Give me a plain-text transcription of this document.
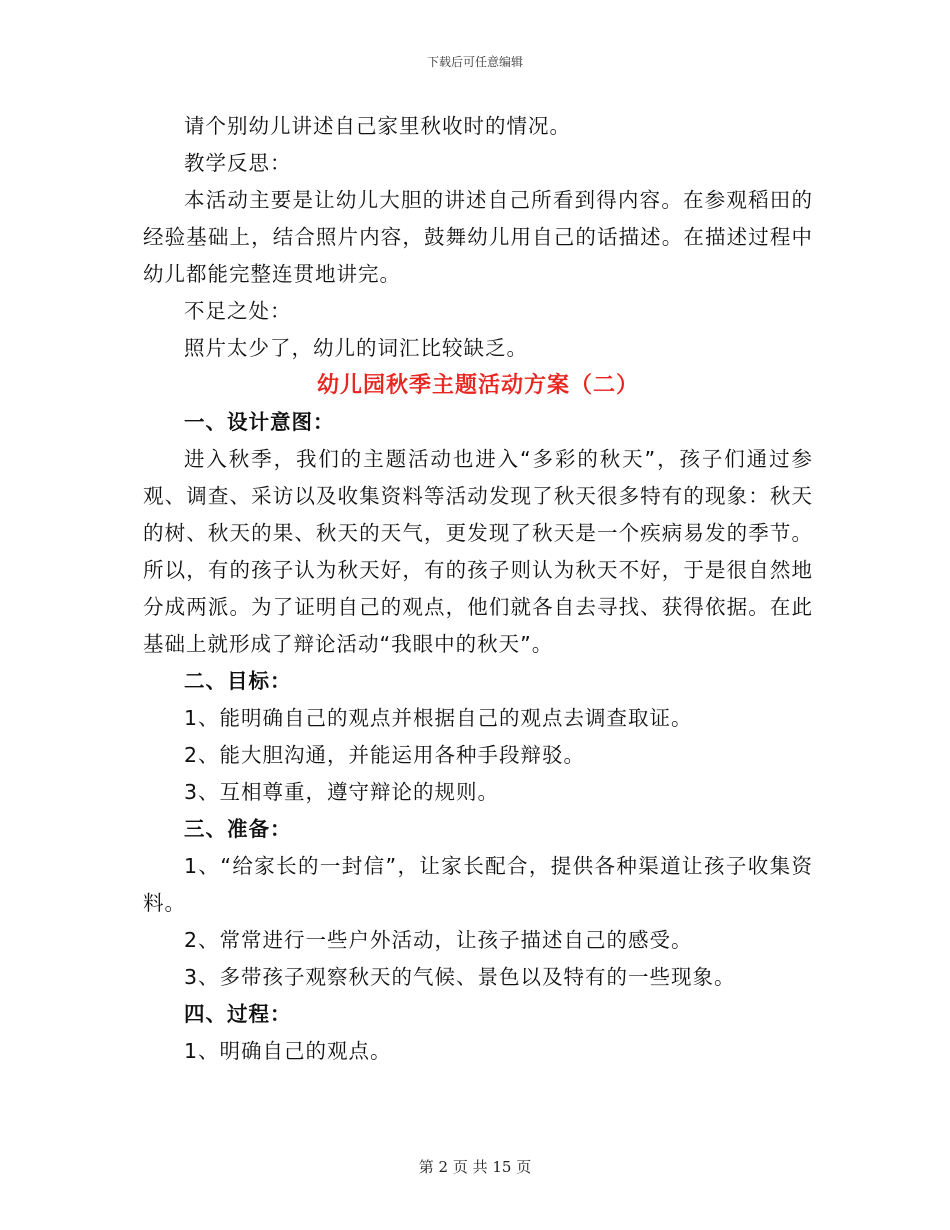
下载后可任意编辑

请个别幼儿讲述自己家里秋收时的情况。

教学反思：

本活动主要是让幼儿大胆的讲述自己所看到得内容。在参观稻田的经验基础上，结合照片内容，鼓舞幼儿用自己的话描述。在描述过程中幼儿都能完整连贯地讲完。

不足之处：

照片太少了，幼儿的词汇比较缺乏。

幼儿园秋季主题活动方案（二）

一、设计意图：

进入秋季，我们的主题活动也进入“多彩的秋天”，孩子们通过参观、调查、采访以及收集资料等活动发现了秋天很多特有的现象：秋天的树、秋天的果、秋天的天气，更发现了秋天是一个疾病易发的季节。所以，有的孩子认为秋天好，有的孩子则认为秋天不好，于是很自然地分成两派。为了证明自己的观点，他们就各自去寻找、获得依据。在此基础上就形成了辩论活动“我眼中的秋天”。

二、目标：

1、能明确自己的观点并根据自己的观点去调查取证。

2、能大胆沟通，并能运用各种手段辩驳。

3、互相尊重，遵守辩论的规则。

三、准备：

1、“给家长的一封信”，让家长配合，提供各种渠道让孩子收集资料。

2、常常进行一些户外活动，让孩子描述自己的感受。

3、多带孩子观察秋天的气候、景色以及特有的一些现象。

四、过程：

1、明确自己的观点。

第 2 页 共 15 页
